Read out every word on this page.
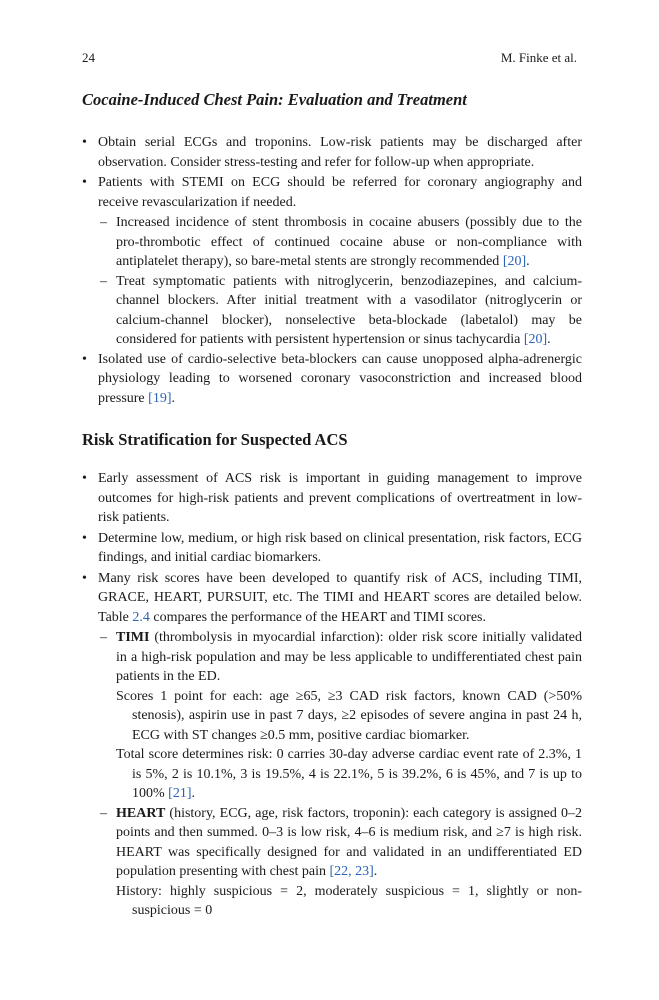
24	M. Finke et al.
Cocaine-Induced Chest Pain: Evaluation and Treatment
• Obtain serial ECGs and troponins. Low-risk patients may be discharged after observation. Consider stress-testing and refer for follow-up when appropriate.
• Patients with STEMI on ECG should be referred for coronary angiography and receive revascularization if needed.
– Increased incidence of stent thrombosis in cocaine abusers (possibly due to the pro-thrombotic effect of continued cocaine abuse or non-compliance with antiplatelet therapy), so bare-metal stents are strongly recommended [20].
– Treat symptomatic patients with nitroglycerin, benzodiazepines, and calcium-channel blockers. After initial treatment with a vasodilator (nitroglycerin or calcium-channel blocker), nonselective beta-blockade (labetalol) may be considered for patients with persistent hypertension or sinus tachycardia [20].
• Isolated use of cardio-selective beta-blockers can cause unopposed alpha-adrenergic physiology leading to worsened coronary vasoconstriction and increased blood pressure [19].
Risk Stratification for Suspected ACS
• Early assessment of ACS risk is important in guiding management to improve outcomes for high-risk patients and prevent complications of overtreatment in low-risk patients.
• Determine low, medium, or high risk based on clinical presentation, risk factors, ECG findings, and initial cardiac biomarkers.
• Many risk scores have been developed to quantify risk of ACS, including TIMI, GRACE, HEART, PURSUIT, etc. The TIMI and HEART scores are detailed below. Table 2.4 compares the performance of the HEART and TIMI scores.
– TIMI (thrombolysis in myocardial infarction): older risk score initially validated in a high-risk population and may be less applicable to undifferentiated chest pain patients in the ED.
Scores 1 point for each: age ≥65, ≥3 CAD risk factors, known CAD (>50% stenosis), aspirin use in past 7 days, ≥2 episodes of severe angina in past 24 h, ECG with ST changes ≥0.5 mm, positive cardiac biomarker.
Total score determines risk: 0 carries 30-day adverse cardiac event rate of 2.3%, 1 is 5%, 2 is 10.1%, 3 is 19.5%, 4 is 22.1%, 5 is 39.2%, 6 is 45%, and 7 is up to 100% [21].
– HEART (history, ECG, age, risk factors, troponin): each category is assigned 0–2 points and then summed. 0–3 is low risk, 4–6 is medium risk, and ≥7 is high risk. HEART was specifically designed for and validated in an undifferentiated ED population presenting with chest pain [22, 23].
History: highly suspicious = 2, moderately suspicious = 1, slightly or non-suspicious = 0
